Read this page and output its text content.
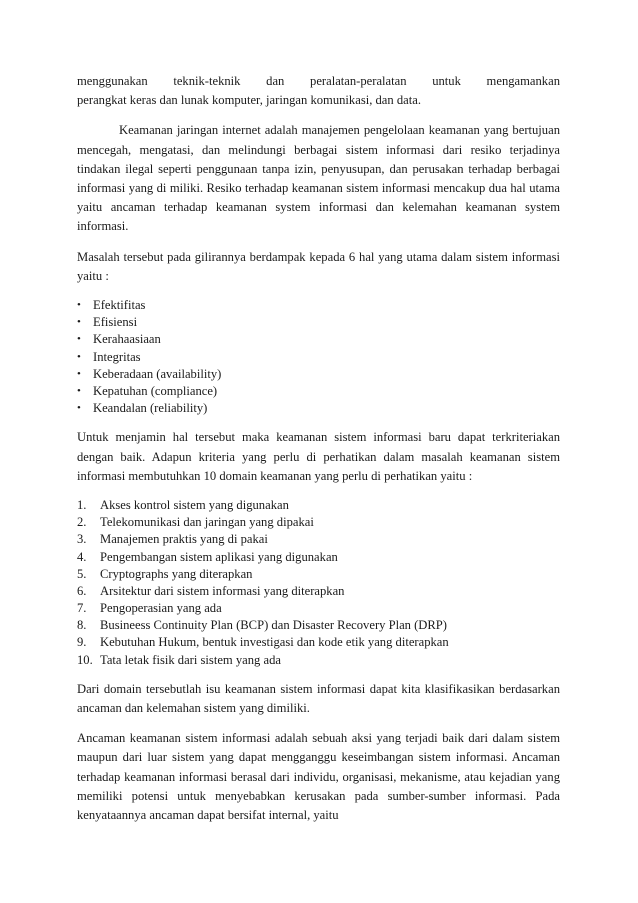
menggunakan teknik-teknik dan peralatan-peralatan untuk mengamankan
perangkat keras dan lunak komputer, jaringan komunikasi, dan data.

Keamanan jaringan internet adalah manajemen pengelolaan keamanan yang bertujuan mencegah, mengatasi, dan melindungi berbagai sistem informasi dari resiko terjadinya tindakan ilegal seperti penggunaan tanpa izin, penyusupan, dan perusakan terhadap berbagai informasi yang di miliki. Resiko terhadap keamanan sistem informasi mencakup dua hal utama yaitu ancaman terhadap keamanan system informasi dan kelemahan keamanan system informasi.

Masalah tersebut pada gilirannya berdampak kepada 6 hal yang utama dalam sistem informasi yaitu :

• Efektifitas
• Efisiensi
• Kerahaasiaan
• Integritas
• Keberadaan (availability)
• Kepatuhan (compliance)
• Keandalan (reliability)

Untuk menjamin hal tersebut maka keamanan sistem informasi baru dapat terkriteriakan dengan baik. Adapun kriteria yang perlu di perhatikan dalam masalah keamanan sistem informasi membutuhkan 10 domain keamanan yang perlu di perhatikan yaitu :

1. Akses kontrol sistem yang digunakan
2. Telekomunikasi dan jaringan yang dipakai
3. Manajemen praktis yang di pakai
4. Pengembangan sistem aplikasi yang digunakan
5. Cryptographs yang diterapkan
6. Arsitektur dari sistem informasi yang diterapkan
7. Pengoperasian yang ada
8. Busineess Continuity Plan (BCP) dan Disaster Recovery Plan (DRP)
9. Kebutuhan Hukum, bentuk investigasi dan kode etik yang diterapkan
10. Tata letak fisik dari sistem yang ada

Dari domain tersebutlah isu keamanan sistem informasi dapat kita klasifikasikan berdasarkan ancaman dan kelemahan sistem yang dimiliki.

Ancaman keamanan sistem informasi adalah sebuah aksi yang terjadi baik dari dalam sistem maupun dari luar sistem yang dapat mengganggu keseimbangan sistem informasi. Ancaman terhadap keamanan informasi berasal dari individu, organisasi, mekanisme, atau kejadian yang memiliki potensi untuk menyebabkan kerusakan pada sumber-sumber informasi. Pada kenyataannya ancaman dapat bersifat internal, yaitu
